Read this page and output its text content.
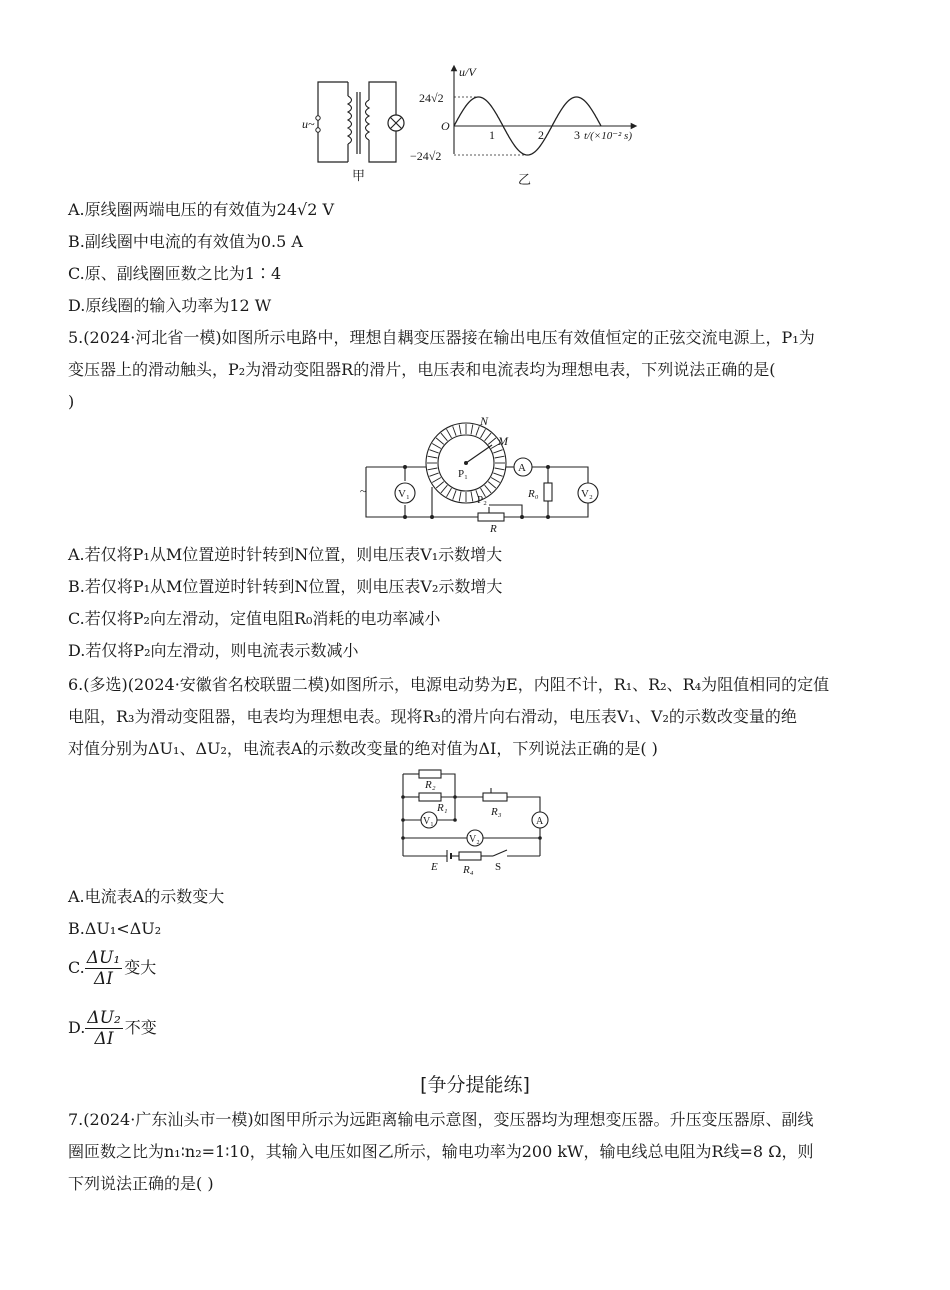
u~
甲
u/V
O
24√2
−24√2
1	2	3 t/(×10⁻² s)
乙
A.原线圈两端电压的有效值为24√2 V
B.副线圈中电流的有效值为0.5 A
C.原、副线圈匝数之比为1∶4
D.原线圈的输入功率为12 W
5.(2024·河北省一模)如图所示电路中，理想自耦变压器接在输出电压有效值恒定的正弦交流电源上，P₁为
变压器上的滑动触头，P₂为滑动变阻器R的滑片，电压表和电流表均为理想电表，下列说法正确的是(
)
~	V₁
P₁
N
M
A
R₀	V₂
P₂
R
A.若仅将P₁从M位置逆时针转到N位置，则电压表V₁示数增大
B.若仅将P₁从M位置逆时针转到N位置，则电压表V₂示数增大
C.若仅将P₂向左滑动，定值电阻R₀消耗的电功率减小
D.若仅将P₂向左滑动，则电流表示数减小
6.(多选)(2024·安徽省名校联盟二模)如图所示，电源电动势为E，内阻不计，R₁、R₂、R₄为阻值相同的定值
电阻，R₃为滑动变阻器，电表均为理想电表。现将R₃的滑片向右滑动，电压表V₁、V₂的示数改变量的绝
对值分别为ΔU₁、ΔU₂，电流表A的示数改变量的绝对值为ΔI，下列说法正确的是( )
R₂
R₁	R₃
V₁	A
V₂
E R₄ S
A.电流表A的示数变大
B.ΔU₁<ΔU₂
C. $\frac{\text{ΔU₁}}{\Delta I}$ 变大
D. $\frac{\text{ΔU₂}}{\Delta I}$ 不变
[争分提能练]
7.(2024·广东汕头市一模)如图甲所示为远距离输电示意图，变压器均为理想变压器。升压变压器原、副线
圈匝数之比为n₁∶n₂=1∶10，其输入电压如图乙所示，输电功率为200 kW，输电线总电阻为R线=8 Ω，则
下列说法正确的是( )
